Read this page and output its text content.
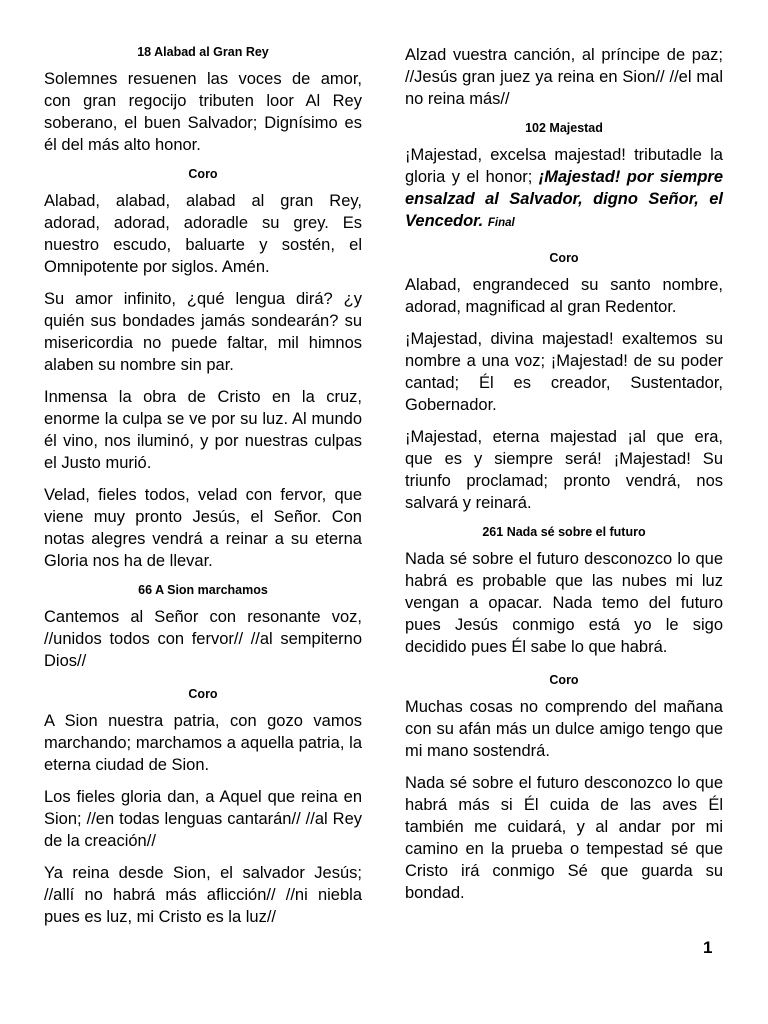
18 Alabad al Gran Rey

Solemnes resuenen las voces de amor, con gran regocijo tributen loor Al Rey soberano, el buen Salvador; Dignísimo es él del más alto honor.

Coro

Alabad, alabad, alabad al gran Rey, adorad, adorad, adoradle su grey. Es nuestro escudo, baluarte y sostén, el Omnipotente por siglos. Amén.

Su amor infinito, ¿qué lengua dirá? ¿y quién sus bondades jamás sondearán? su misericordia no puede faltar, mil himnos alaben su nombre sin par.

Inmensa la obra de Cristo en la cruz, enorme la culpa se ve por su luz. Al mundo él vino, nos iluminó, y por nuestras culpas el Justo murió.

Velad, fieles todos, velad con fervor, que viene muy pronto Jesús, el Señor. Con notas alegres vendrá a reinar a su eterna Gloria nos ha de llevar.

66 A Sion marchamos

Cantemos al Señor con resonante voz, //unidos todos con fervor// //al sempiterno Dios//

Coro

A Sion nuestra patria, con gozo vamos marchando; marchamos a aquella patria, la eterna ciudad de Sion.

Los fieles gloria dan, a Aquel que reina en Sion; //en todas lenguas cantarán// //al Rey de la creación//

Ya reina desde Sion, el salvador Jesús; //allí no habrá más aflicción// //ni niebla pues es luz, mi Cristo es la luz//

Alzad vuestra canción, al príncipe de paz; //Jesús gran juez ya reina en Sion// //el mal no reina más//

102 Majestad

¡Majestad, excelsa majestad! tributadle la gloria y el honor; ¡Majestad! por siempre ensalzad al Salvador, digno Señor, el Vencedor. Final

Coro

Alabad, engrandeced su santo nombre, adorad, magnificad al gran Redentor.

¡Majestad, divina majestad! exaltemos su nombre a una voz; ¡Majestad! de su poder cantad; Él es creador, Sustentador, Gobernador.

¡Majestad, eterna majestad ¡al que era, que es y siempre será! ¡Majestad! Su triunfo proclamad; pronto vendrá, nos salvará y reinará.

261 Nada sé sobre el futuro

Nada sé sobre el futuro desconozco lo que habrá es probable que las nubes mi luz vengan a opacar. Nada temo del futuro pues Jesús conmigo está yo le sigo decidido pues Él sabe lo que habrá.

Coro

Muchas cosas no comprendo del mañana con su afán más un dulce amigo tengo que mi mano sostendrá.

Nada sé sobre el futuro desconozco lo que habrá más si Él cuida de las aves Él también me cuidará, y al andar por mi camino en la prueba o tempestad sé que Cristo irá conmigo Sé que guarda su bondad.

1
